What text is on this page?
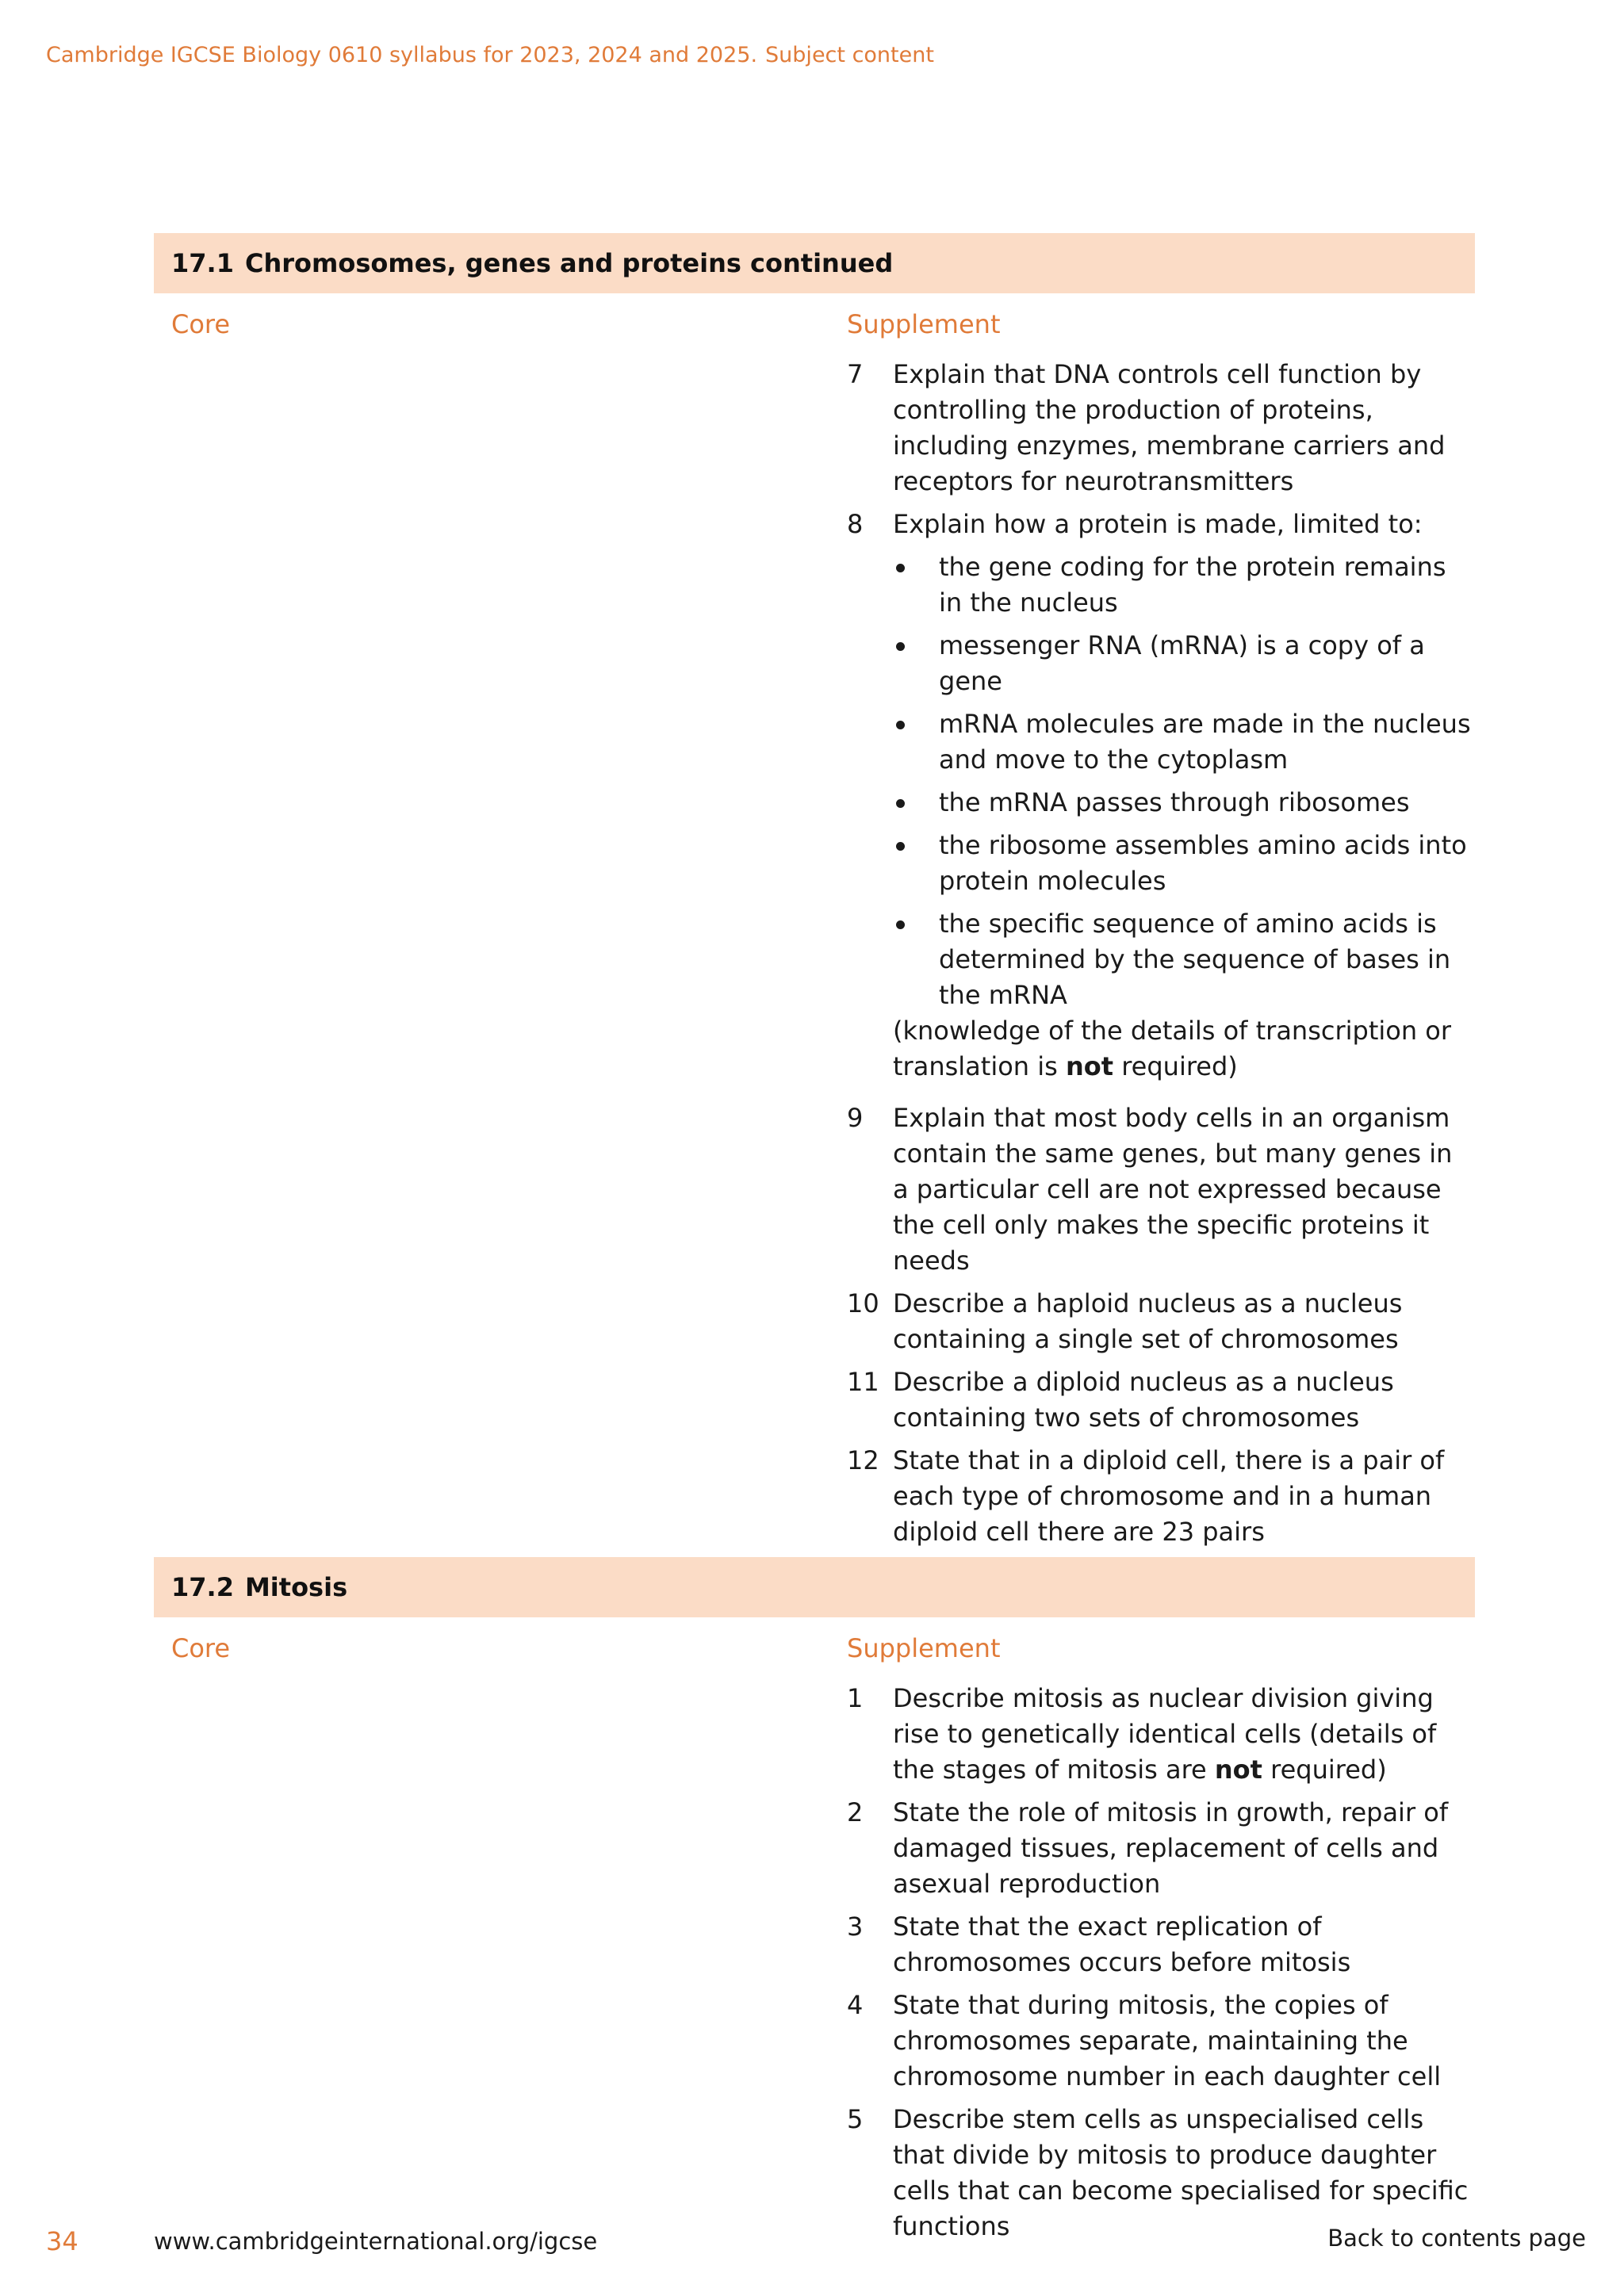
Cambridge IGCSE Biology 0610 syllabus for 2023, 2024 and 2025. Subject content
17.1 Chromosomes, genes and proteins continued
Core	Supplement
7	Explain that DNA controls cell function by controlling the production of proteins, including enzymes, membrane carriers and receptors for neurotransmitters
8	Explain how a protein is made, limited to:
the gene coding for the protein remains in the nucleus
messenger RNA (mRNA) is a copy of a gene
mRNA molecules are made in the nucleus and move to the cytoplasm
the mRNA passes through ribosomes
the ribosome assembles amino acids into protein molecules
the specific sequence of amino acids is determined by the sequence of bases in the mRNA
(knowledge of the details of transcription or translation is not required)
9	Explain that most body cells in an organism contain the same genes, but many genes in a particular cell are not expressed because the cell only makes the specific proteins it needs
10 Describe a haploid nucleus as a nucleus containing a single set of chromosomes
11 Describe a diploid nucleus as a nucleus containing two sets of chromosomes
12 State that in a diploid cell, there is a pair of each type of chromosome and in a human diploid cell there are 23 pairs
17.2 Mitosis
Core	Supplement
1	Describe mitosis as nuclear division giving rise to genetically identical cells (details of the stages of mitosis are not required)
2	State the role of mitosis in growth, repair of damaged tissues, replacement of cells and asexual reproduction
3	State that the exact replication of chromosomes occurs before mitosis
4	State that during mitosis, the copies of chromosomes separate, maintaining the chromosome number in each daughter cell
5	Describe stem cells as unspecialised cells that divide by mitosis to produce daughter cells that can become specialised for specific functions
34	www.cambridgeinternational.org/igcse	Back to contents page
